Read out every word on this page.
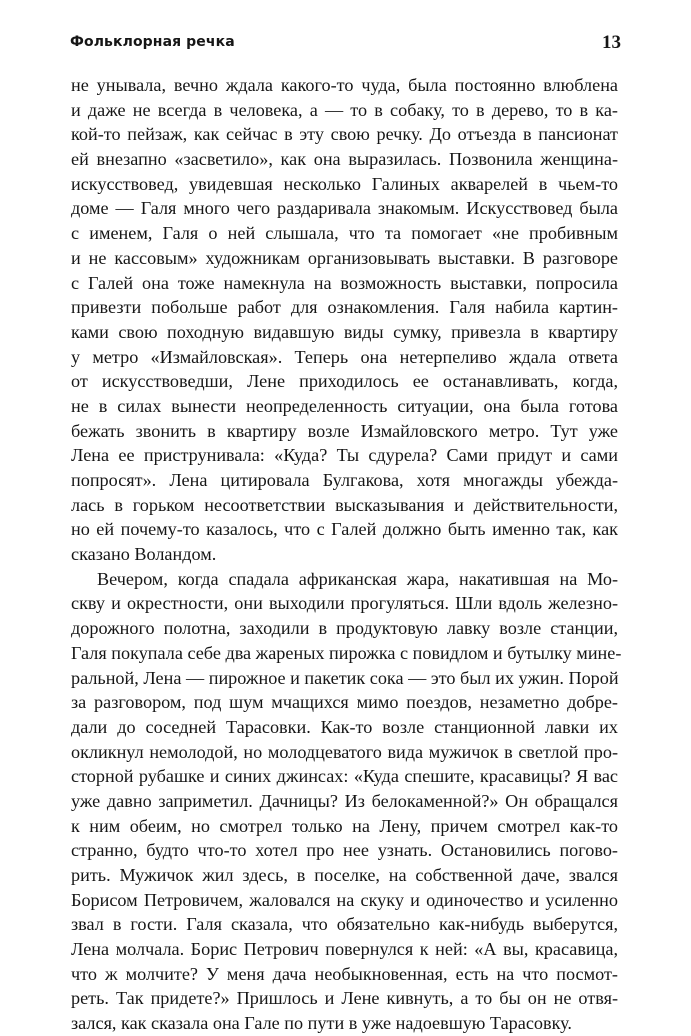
Фольклорная речка	13
не унывала, вечно ждала какого-то чуда, была постоянно влюблена
и даже не всегда в человека, а — то в собаку, то в дерево, то в ка-
кой-то пейзаж, как сейчас в эту свою речку. До отъезда в пансионат
ей внезапно «засветило», как она выразилась. Позвонила женщина-
искусствовед, увидевшая несколько Галиных акварелей в чьем-то
доме — Галя много чего раздаривала знакомым. Искусствовед была
с именем, Галя о ней слышала, что та помогает «не пробивным
и не кассовым» художникам организовывать выставки. В разговоре
с Галей она тоже намекнула на возможность выставки, попросила
привезти побольше работ для ознакомления. Галя набила картин-
ками свою походную видавшую виды сумку, привезла в квартиру
у метро «Измайловская». Теперь она нетерпеливо ждала ответа
от искусствоведши, Лене приходилось ее останавливать, когда,
не в силах вынести неопределенность ситуации, она была готова
бежать звонить в квартиру возле Измайловского метро. Тут уже
Лена ее приструнивала: «Куда? Ты сдурела? Сами придут и сами
попросят». Лена цитировала Булгакова, хотя многажды убежда-
лась в горьком несоответствии высказывания и действительности,
но ей почему-то казалось, что с Галей должно быть именно так, как
сказано Воландом.
Вечером, когда спадала африканская жара, накатившая на Мо-
скву и окрестности, они выходили прогуляться. Шли вдоль железно-
дорожного полотна, заходили в продуктовую лавку возле станции,
Галя покупала себе два жареных пирожка с повидлом и бутылку мине-
ральной, Лена — пирожное и пакетик сока — это был их ужин. Порой
за разговором, под шум мчащихся мимо поездов, незаметно добре-
дали до соседней Тарасовки. Как-то возле станционной лавки их
окликнул немолодой, но молодцеватого вида мужичок в светлой про-
сторной рубашке и синих джинсах: «Куда спешите, красавицы? Я вас
уже давно заприметил. Дачницы? Из белокаменной?» Он обращался
к ним обеим, но смотрел только на Лену, причем смотрел как-то
странно, будто что-то хотел про нее узнать. Остановились погово-
рить. Мужичок жил здесь, в поселке, на собственной даче, звался
Борисом Петровичем, жаловался на скуку и одиночество и усиленно
звал в гости. Галя сказала, что обязательно как-нибудь выберутся,
Лена молчала. Борис Петрович повернулся к ней: «А вы, красавица,
что ж молчите? У меня дача необыкновенная, есть на что посмот-
реть. Так придете?» Пришлось и Лене кивнуть, а то бы он не отвя-
зался, как сказала она Гале по пути в уже надоевшую Тарасовку.
